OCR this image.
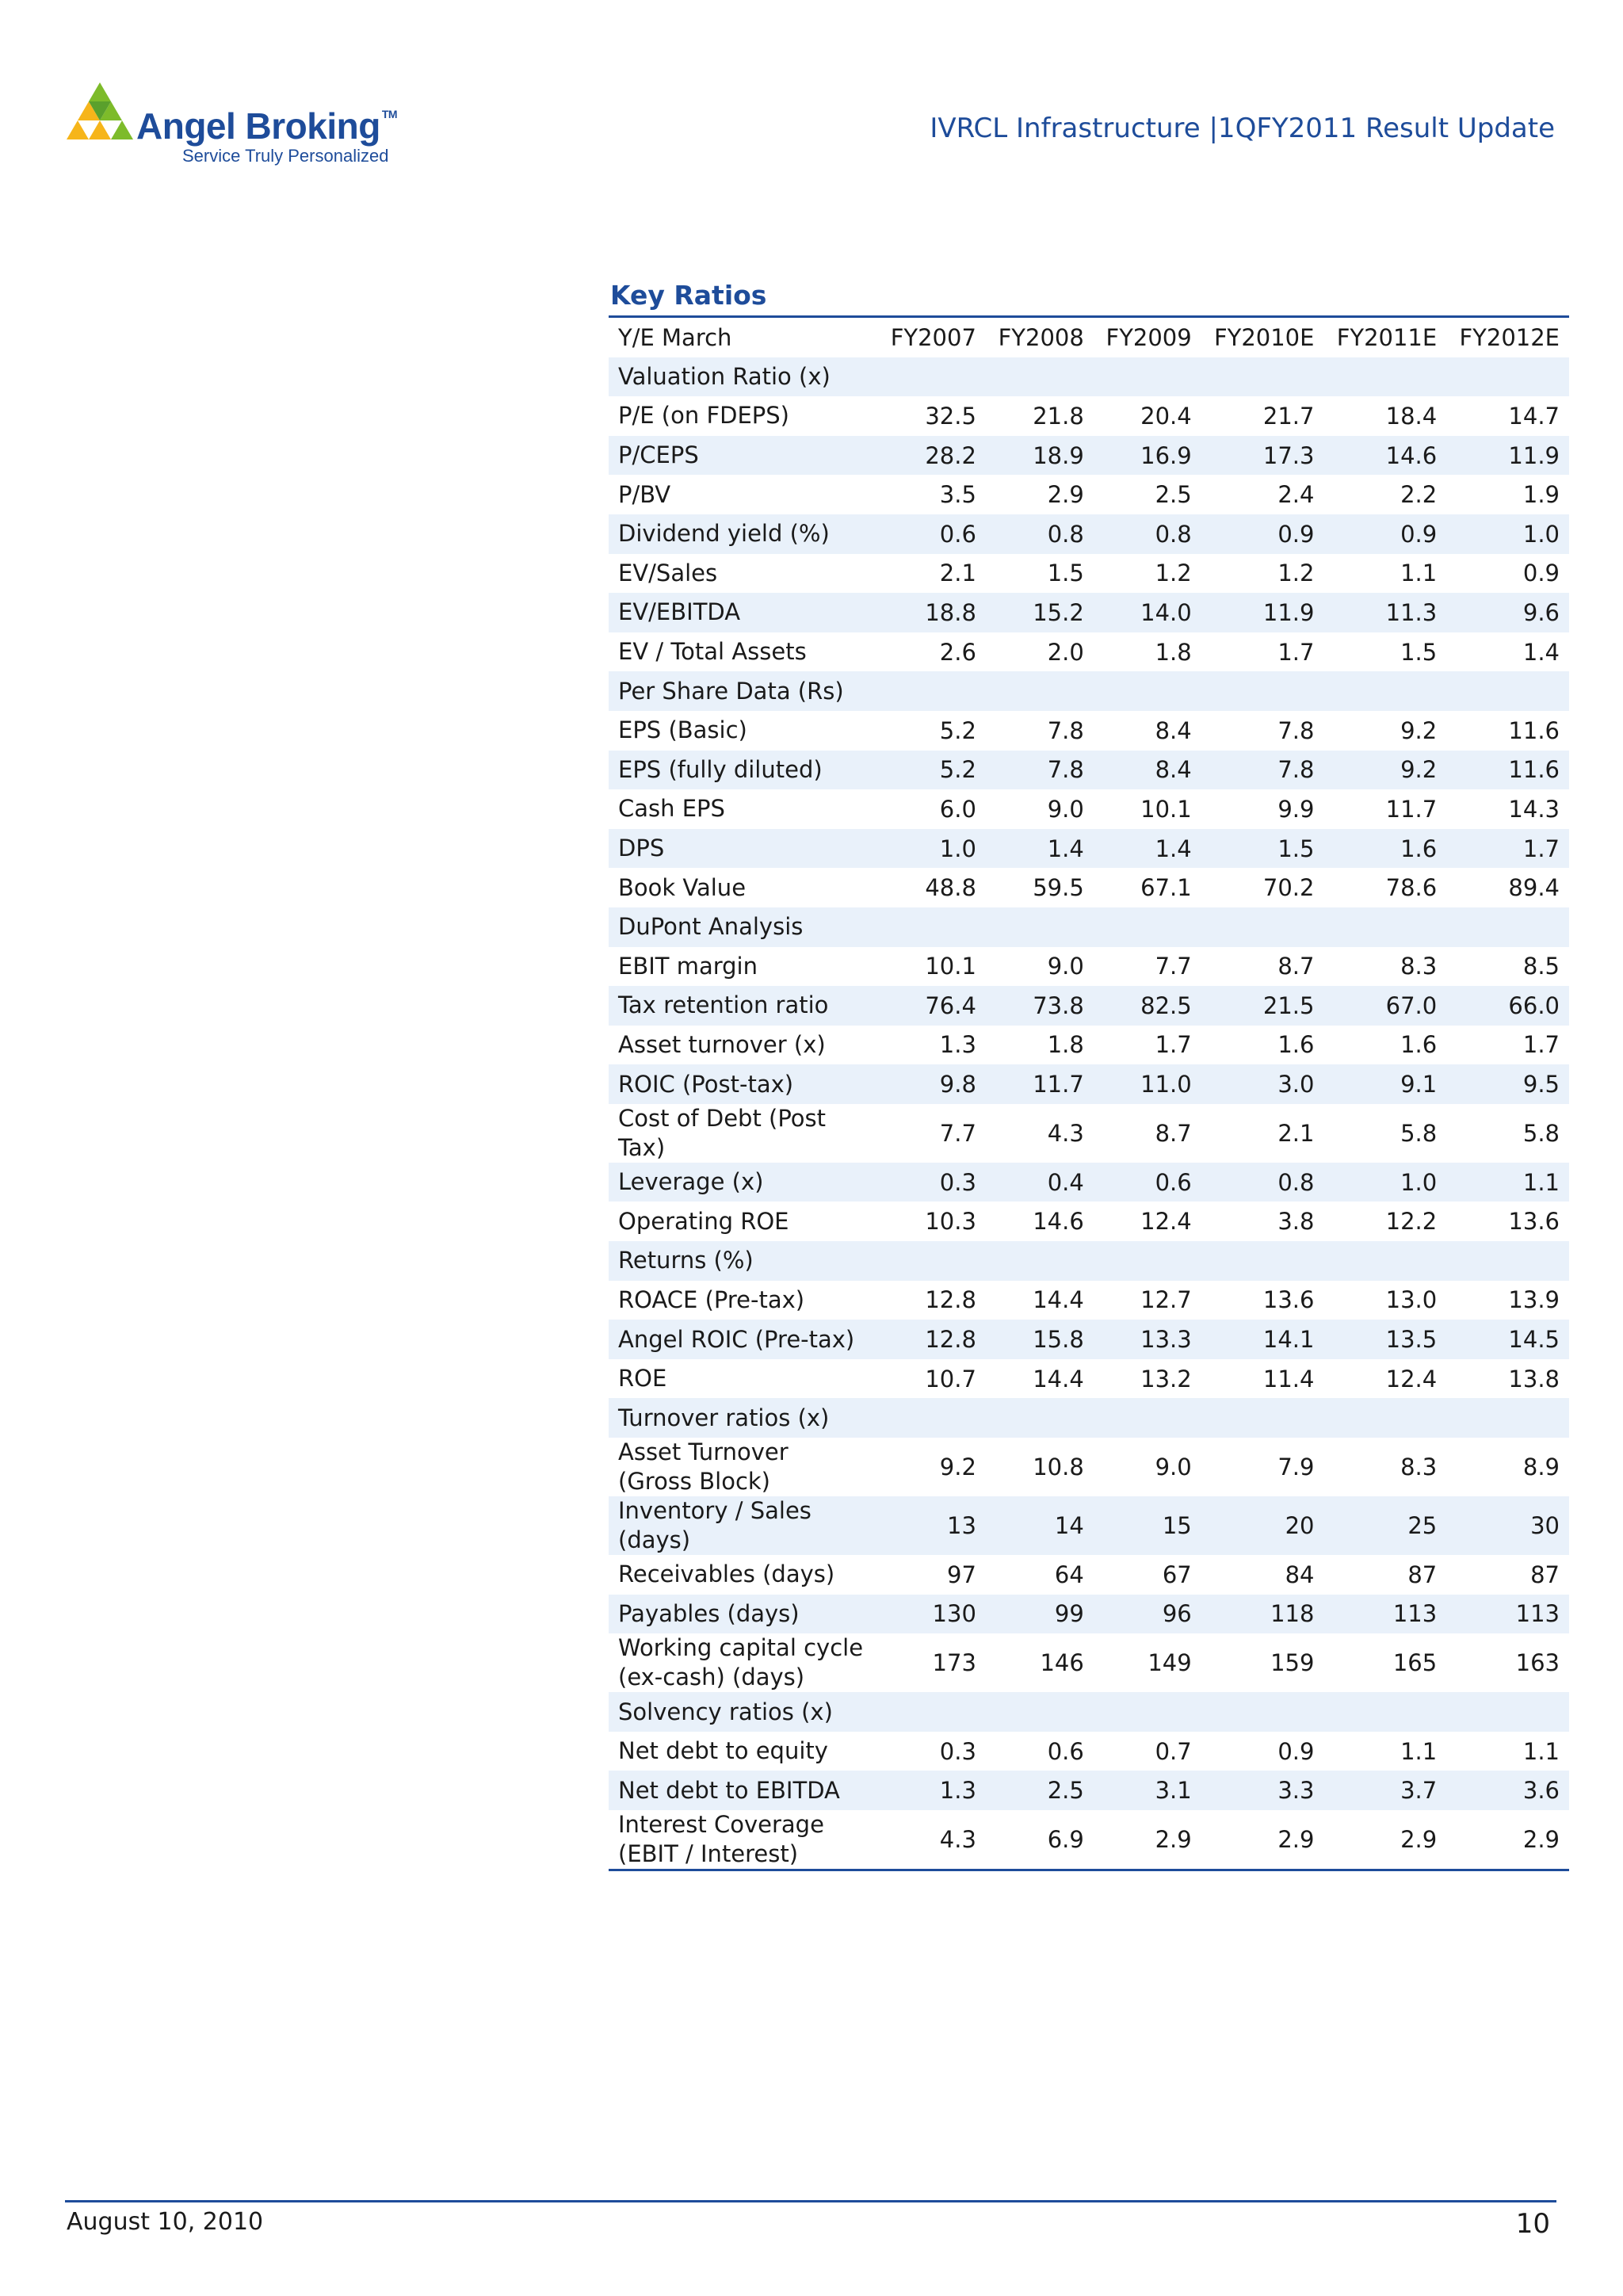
Angel Broking ™
Service Truly Personalized
IVRCL Infrastructure |1QFY2011 Result Update
Key Ratios
Y/E March	FY2007	FY2008	FY2009	FY2010E	FY2011E	FY2012E
Valuation Ratio (x)						
P/E (on FDEPS)	32.5	21.8	20.4	21.7	18.4	14.7
P/CEPS	28.2	18.9	16.9	17.3	14.6	11.9
P/BV	3.5	2.9	2.5	2.4	2.2	1.9
Dividend yield (%)	0.6	0.8	0.8	0.9	0.9	1.0
EV/Sales	2.1	1.5	1.2	1.2	1.1	0.9
EV/EBITDA	18.8	15.2	14.0	11.9	11.3	9.6
EV / Total Assets	2.6	2.0	1.8	1.7	1.5	1.4
Per Share Data (Rs)						
EPS (Basic)	5.2	7.8	8.4	7.8	9.2	11.6
EPS (fully diluted)	5.2	7.8	8.4	7.8	9.2	11.6
Cash EPS	6.0	9.0	10.1	9.9	11.7	14.3
DPS	1.0	1.4	1.4	1.5	1.6	1.7
Book Value	48.8	59.5	67.1	70.2	78.6	89.4
DuPont Analysis						
EBIT margin	10.1	9.0	7.7	8.7	8.3	8.5
Tax retention ratio	76.4	73.8	82.5	21.5	67.0	66.0
Asset turnover (x)	1.3	1.8	1.7	1.6	1.6	1.7
ROIC (Post-tax)	9.8	11.7	11.0	3.0	9.1	9.5
Cost of Debt (Post Tax)	7.7	4.3	8.7	2.1	5.8	5.8
Leverage (x)	0.3	0.4	0.6	0.8	1.0	1.1
Operating ROE	10.3	14.6	12.4	3.8	12.2	13.6
Returns (%)						
ROACE (Pre-tax)	12.8	14.4	12.7	13.6	13.0	13.9
Angel ROIC (Pre-tax)	12.8	15.8	13.3	14.1	13.5	14.5
ROE	10.7	14.4	13.2	11.4	12.4	13.8
Turnover ratios (x)						
Asset Turnover (Gross Block)	9.2	10.8	9.0	7.9	8.3	8.9
Inventory / Sales (days)	13	14	15	20	25	30
Receivables (days)	97	64	67	84	87	87
Payables (days)	130	99	96	118	113	113
Working capital cycle (ex-cash) (days)	173	146	149	159	165	163
Solvency ratios (x)						
Net debt to equity	0.3	0.6	0.7	0.9	1.1	1.1
Net debt to EBITDA	1.3	2.5	3.1	3.3	3.7	3.6
Interest Coverage (EBIT / Interest)	4.3	6.9	2.9	2.9	2.9	2.9
August 10, 2010	10
